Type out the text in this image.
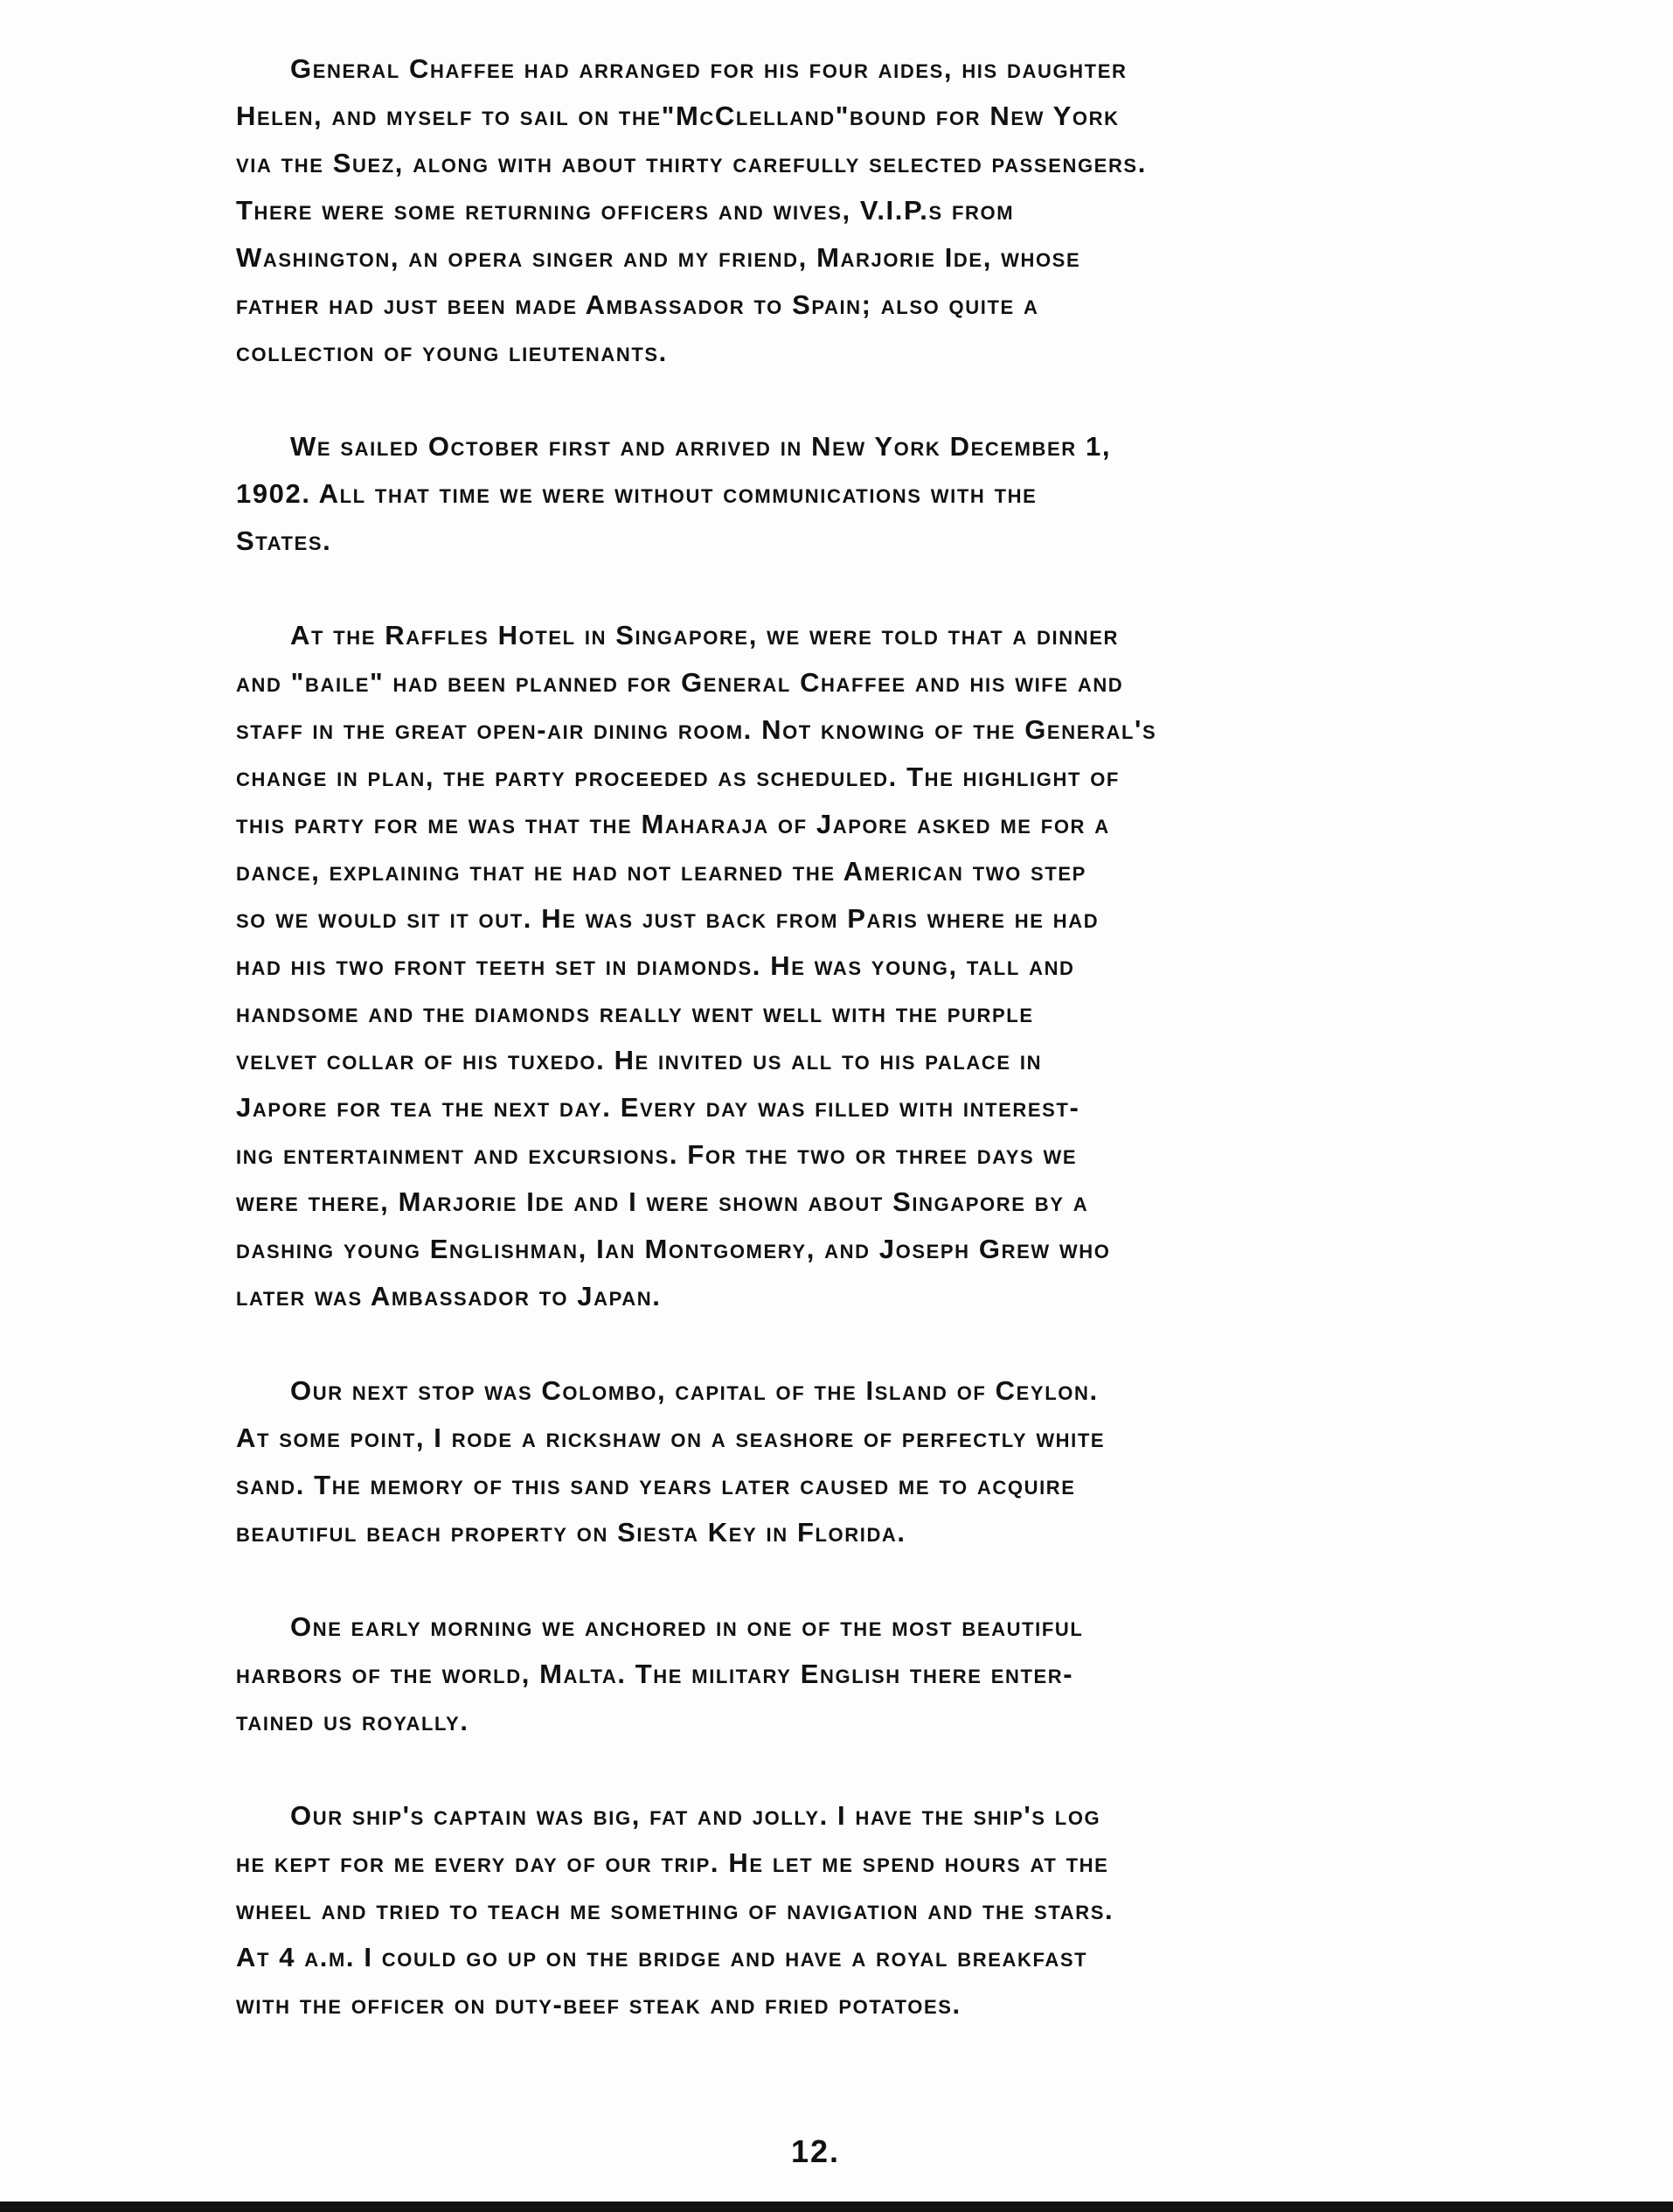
General Chaffee had arranged for his four aides, his daughter
Helen, and myself to sail on the"McClelland"bound for New York
via the Suez, along with about thirty carefully selected passengers.
There were some returning officers and wives, V.I.P.s from
Washington, an opera singer and my friend, Marjorie Ide, whose
father had just been made Ambassador to Spain; also quite a
collection of young lieutenants.
We sailed October first and arrived in New York December 1,
1902. All that time we were without communications with the
States.
At the Raffles Hotel in Singapore, we were told that a dinner
and "baile" had been planned for General Chaffee and his wife and
staff in the great open-air dining room. Not knowing of the General's
change in plan, the party proceeded as scheduled. The highlight of
this party for me was that the Maharaja of Japore asked me for a
dance, explaining that he had not learned the American two step
so we would sit it out. He was just back from Paris where he had
had his two front teeth set in diamonds. He was young, tall and
handsome and the diamonds really went well with the purple
velvet collar of his tuxedo. He invited us all to his palace in
Japore for tea the next day. Every day was filled with interest-
ing entertainment and excursions. For the two or three days we
were there, Marjorie Ide and I were shown about Singapore by a
dashing young Englishman, Ian Montgomery, and Joseph Grew who
later was Ambassador to Japan.
Our next stop was Colombo, capital of the Island of Ceylon.
At some point, I rode a rickshaw on a seashore of perfectly white
sand. The memory of this sand years later caused me to acquire
beautiful beach property on Siesta Key in Florida.
One early morning we anchored in one of the most beautiful
harbors of the world, Malta. The military English there enter-
tained us royally.
Our ship's captain was big, fat and jolly. I have the ship's log
he kept for me every day of our trip. He let me spend hours at the
wheel and tried to teach me something of navigation and the stars.
At 4 a.m. I could go up on the bridge and have a royal breakfast
with the officer on duty-beef steak and fried potatoes.
12.
